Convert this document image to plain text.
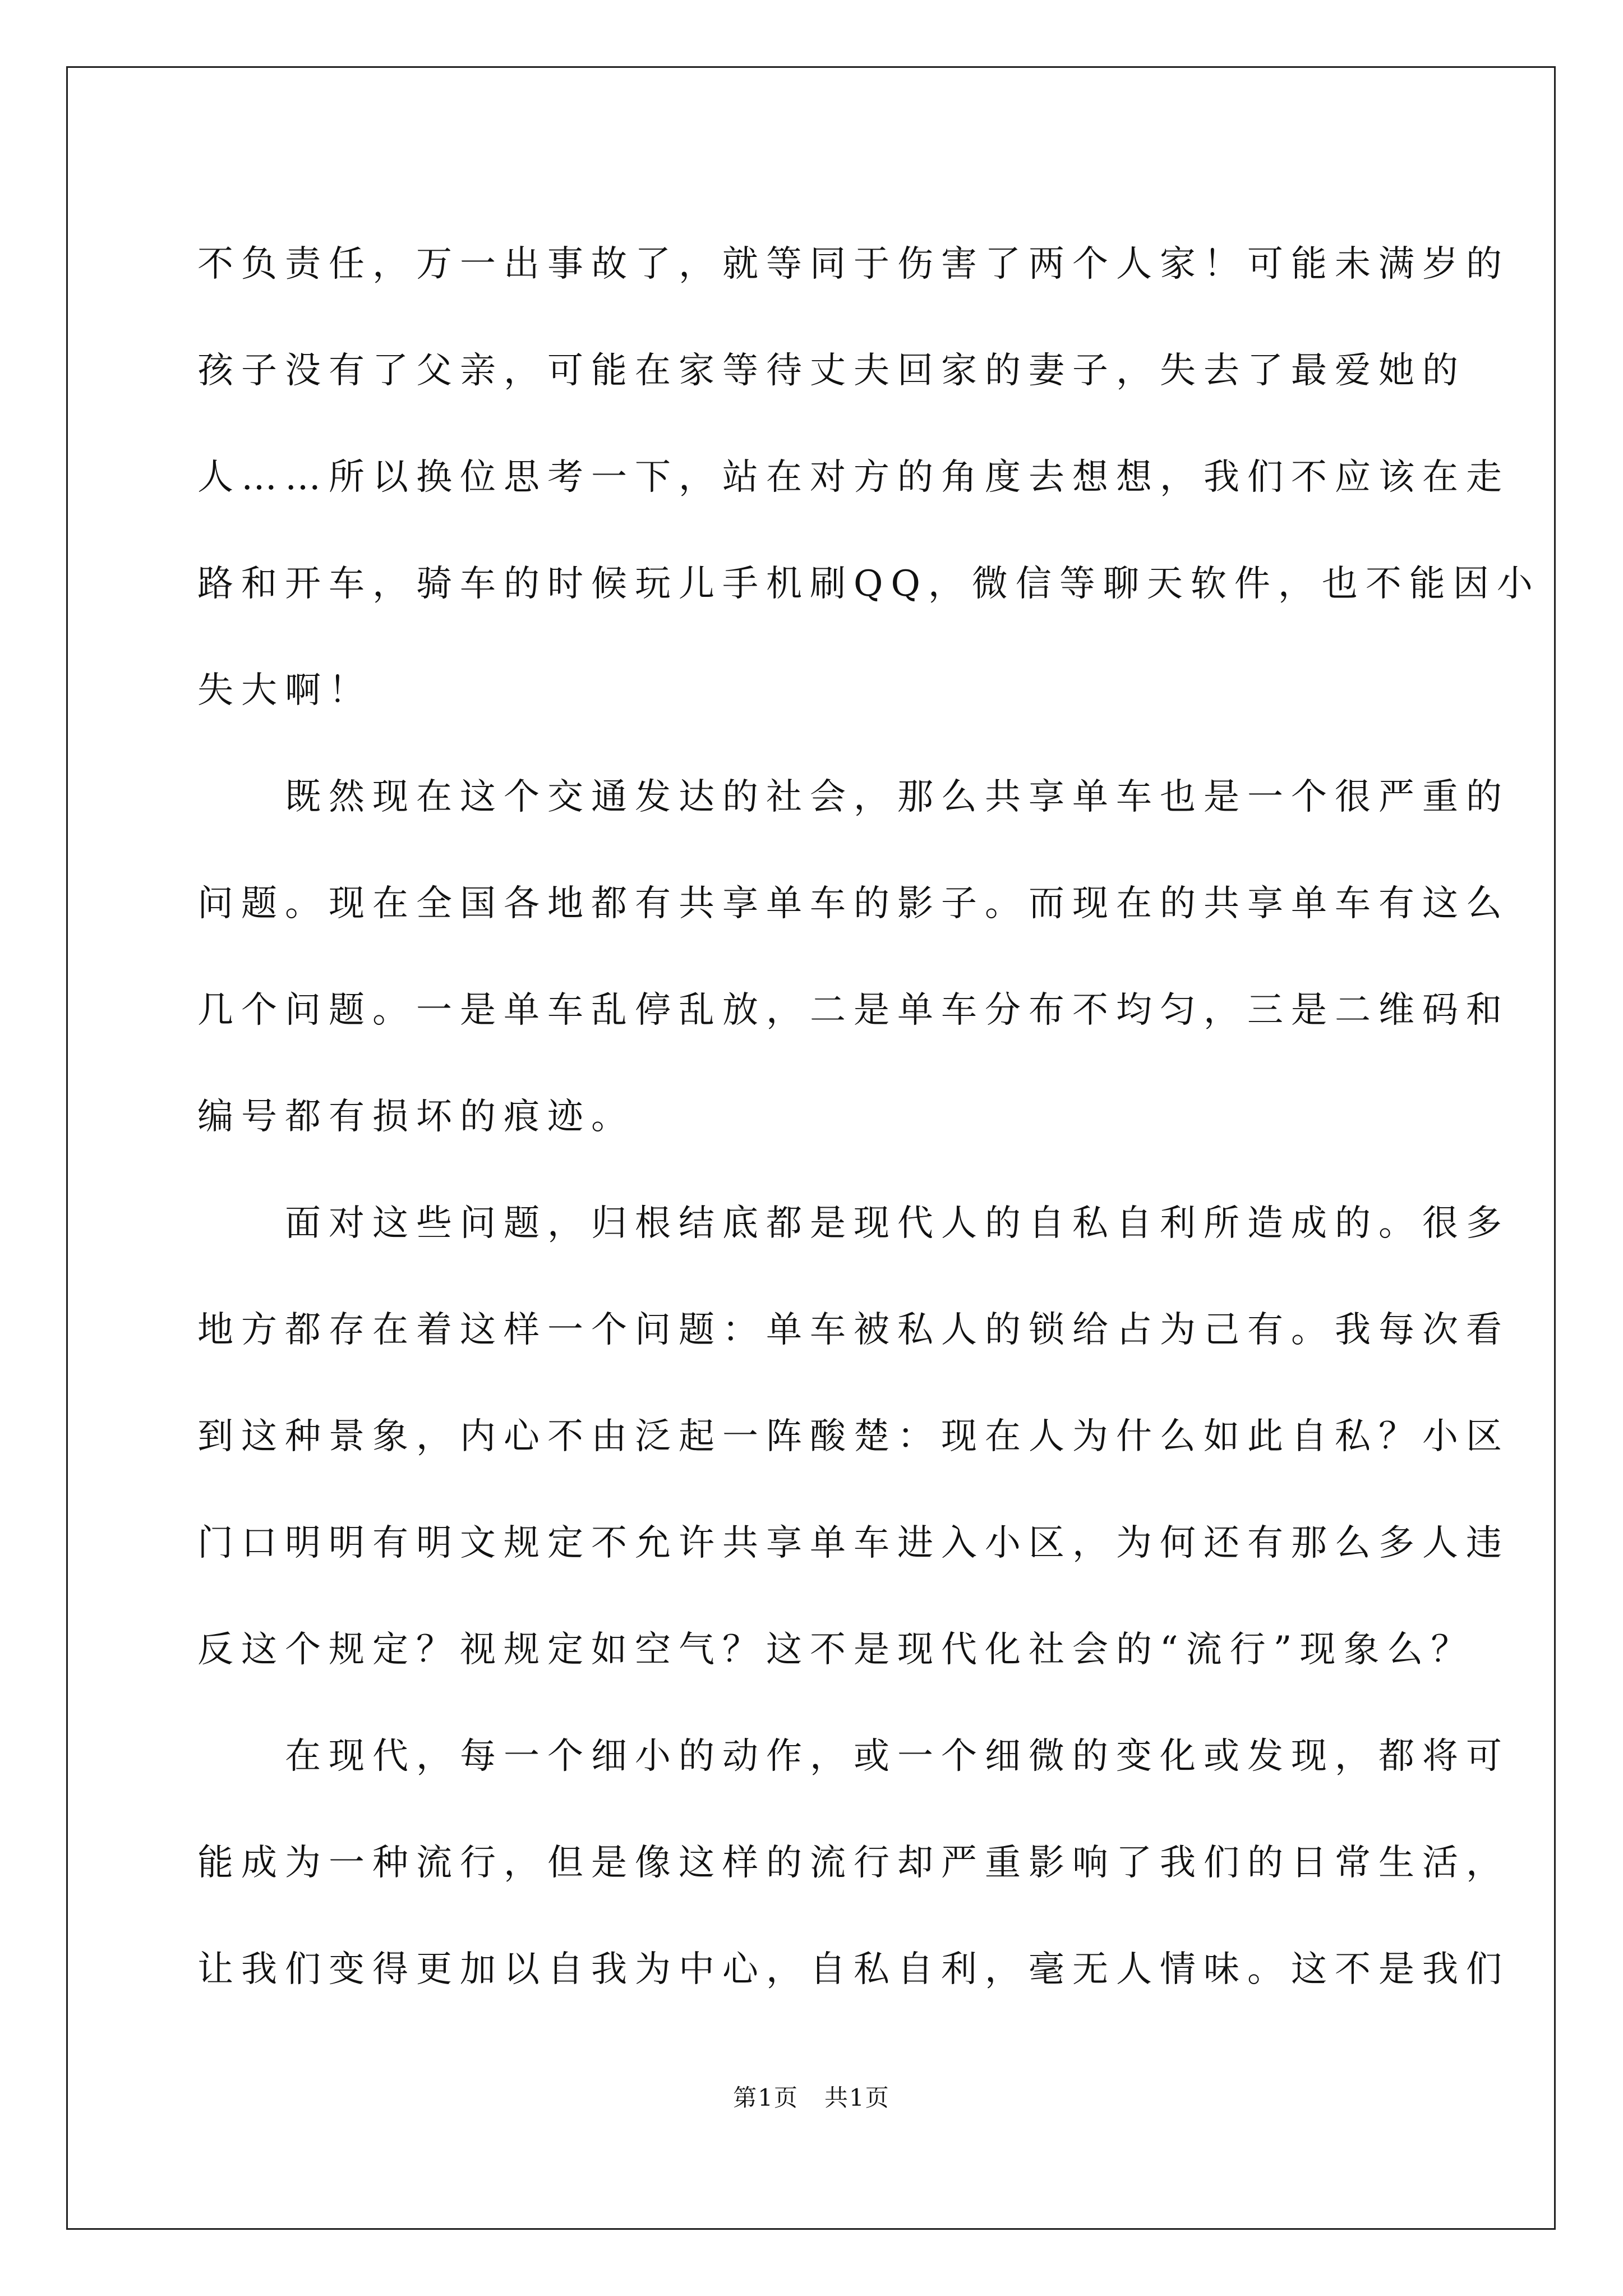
不负责任，万一出事故了，就等同于伤害了两个人家！可能未满岁的
孩子没有了父亲，可能在家等待丈夫回家的妻子，失去了最爱她的
人……所以换位思考一下，站在对方的角度去想想，我们不应该在走
路和开车，骑车的时候玩儿手机刷QQ，微信等聊天软件，也不能因小
失大啊！
既然现在这个交通发达的社会，那么共享单车也是一个很严重的
问题。现在全国各地都有共享单车的影子。而现在的共享单车有这么
几个问题。一是单车乱停乱放，二是单车分布不均匀，三是二维码和
编号都有损坏的痕迹。
面对这些问题，归根结底都是现代人的自私自利所造成的。很多
地方都存在着这样一个问题：单车被私人的锁给占为己有。我每次看
到这种景象，内心不由泛起一阵酸楚：现在人为什么如此自私？小区
门口明明有明文规定不允许共享单车进入小区，为何还有那么多人违
反这个规定？视规定如空气？这不是现代化社会的“流行”现象么？
在现代，每一个细小的动作，或一个细微的变化或发现，都将可
能成为一种流行，但是像这样的流行却严重影响了我们的日常生活，
让我们变得更加以自我为中心，自私自利，毫无人情味。这不是我们
第1页 共1页
